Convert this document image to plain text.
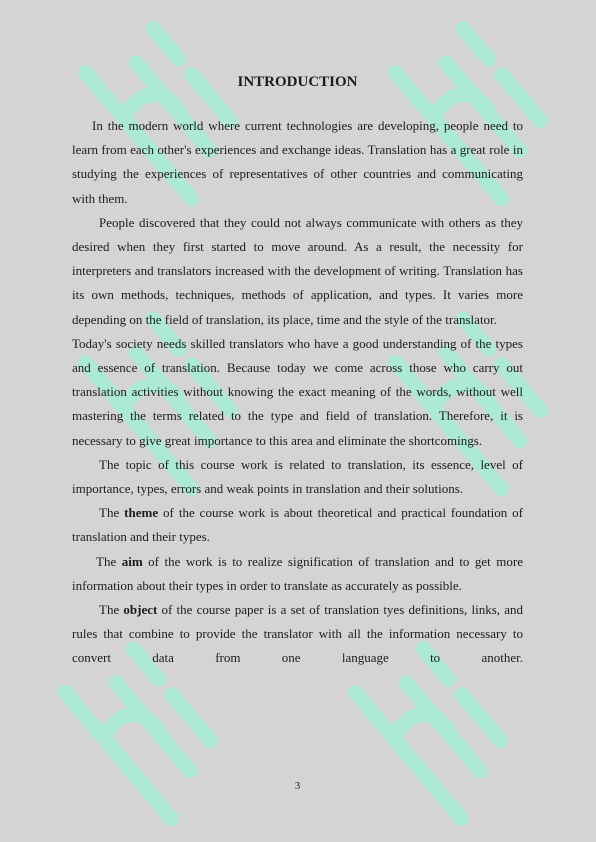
INTRODUCTION

In the modern world where current technologies are developing, people need to learn from each other's experiences and exchange ideas. Translation has a great role in studying the experiences of representatives of other countries and communicating with them.

People discovered that they could not always communicate with others as they desired when they first started to move around. As a result, the necessity for interpreters and translators increased with the development of writing. Translation has its own methods, techniques, methods of application, and types. It varies more depending on the field of translation, its place, time and the style of the translator.

Today's society needs skilled translators who have a good understanding of the types and essence of translation. Because today we come across those who carry out translation activities without knowing the exact meaning of the words, without well mastering the terms related to the type and field of translation. Therefore, it is necessary to give great importance to this area and eliminate the shortcomings.

The topic of this course work is related to translation, its essence, level of importance, types, errors and weak points in translation and their solutions.

The theme of the course work is about theoretical and practical foundation of translation and their types.

The aim of the work is to realize signification of translation and to get more information about their types in order to translate as accurately as possible.

The object of the course paper is a set of translation tyes definitions, links, and rules that combine to provide the translator with all the information necessary to convert data from one language to another.

3
